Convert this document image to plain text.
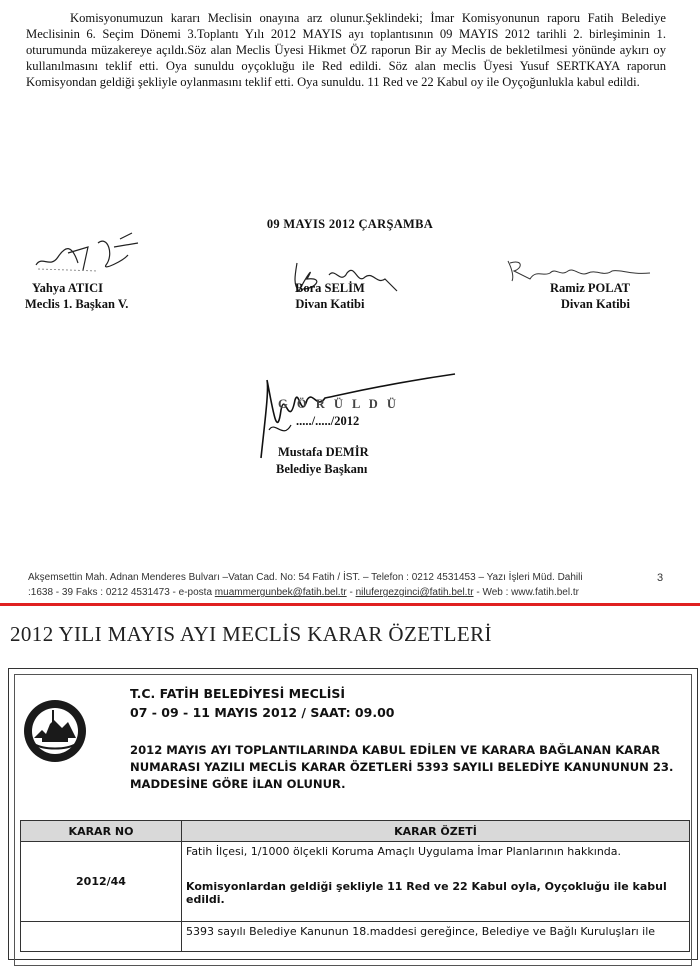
Komisyonumuzun kararı Meclisin onayına arz olunur.Şeklindeki; İmar Komisyonunun raporu Fatih Belediye Meclisinin 6. Seçim Dönemi 3.Toplantı Yılı 2012 MAYIS ayı toplantısının 09 MAYIS 2012 tarihli 2. birleşiminin 1. oturumunda müzakereye açıldı.Söz alan Meclis Üyesi Hikmet ÖZ raporun Bir ay Meclis de bekletilmesi yönünde aykırı oy kullanılmasını teklif etti. Oya sunuldu oyçokluğu ile Red edildi. Söz alan meclis Üyesi Yusuf SERTKAYA raporun Komisyondan geldiği şekliyle oylanmasını teklif etti. Oya sunuldu. 11 Red ve 22 Kabul oy ile Oyçoğunlukla kabul edildi.
09 MAYIS 2012 ÇARŞAMBA
Yahya ATICI
Meclis 1. Başkan V.
Bora SELİM
Divan Katibi
Ramiz POLAT
Divan Katibi
G Ö R Ü L D Ü
...../...../2012
Mustafa DEMİR
Belediye Başkanı
Akşemsettin Mah. Adnan Menderes Bulvarı –Vatan Cad. No: 54 Fatih / İST. – Telefon : 0212 4531453 – Yazı İşleri Müd. Dahili
:1638 - 39 Faks : 0212 4531473 - e-posta muammergunbek@fatih.bel.tr - nilufergezginci@fatih.bel.tr - Web : www.fatih.bel.tr
3
2012 YILI MAYIS AYI MECLİS KARAR ÖZETLERİ
T.C. FATİH BELEDİYESİ MECLİSİ
07 - 09 - 11 MAYIS 2012 / SAAT: 09.00
2012 MAYIS AYI TOPLANTILARINDA KABUL EDİLEN VE KARARA BAĞLANAN KARAR NUMARASI YAZILI MECLİS KARAR ÖZETLERİ 5393 SAYILI BELEDİYE KANUNUNUN 23. MADDESİNE GÖRE İLAN OLUNUR.
KARAR NO	KARAR ÖZETİ
2012/44	Fatih İlçesi, 1/1000 ölçekli Koruma Amaçlı Uygulama İmar Planlarının hakkında.
Komisyonlardan geldiği şekliyle 11 Red ve 22 Kabul oyla, Oyçokluğu ile kabul edildi.

	5393 sayılı Belediye Kanunun 18.maddesi gereğince, Belediye ve Bağlı Kuruluşları ile
